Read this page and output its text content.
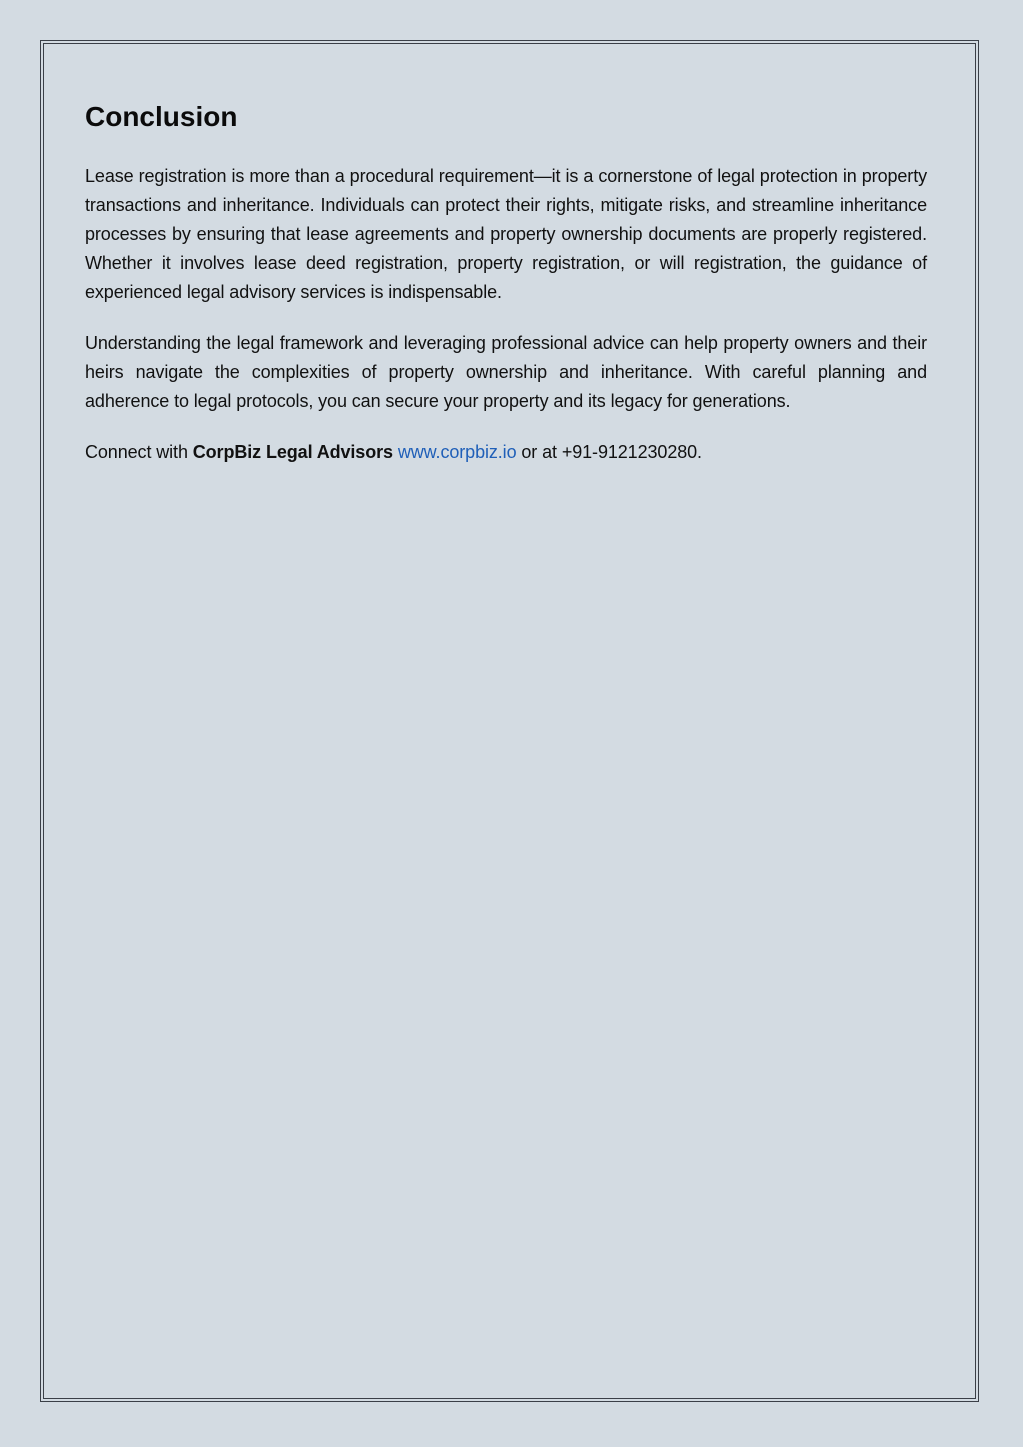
Conclusion

Lease registration is more than a procedural requirement—it is a cornerstone of legal protection in property transactions and inheritance. Individuals can protect their rights, mitigate risks, and streamline inheritance processes by ensuring that lease agreements and property ownership documents are properly registered. Whether it involves lease deed registration, property registration, or will registration, the guidance of experienced legal advisory services is indispensable.

Understanding the legal framework and leveraging professional advice can help property owners and their heirs navigate the complexities of property ownership and inheritance. With careful planning and adherence to legal protocols, you can secure your property and its legacy for generations.

Connect with CorpBiz Legal Advisors www.corpbiz.io or at +91-9121230280.
